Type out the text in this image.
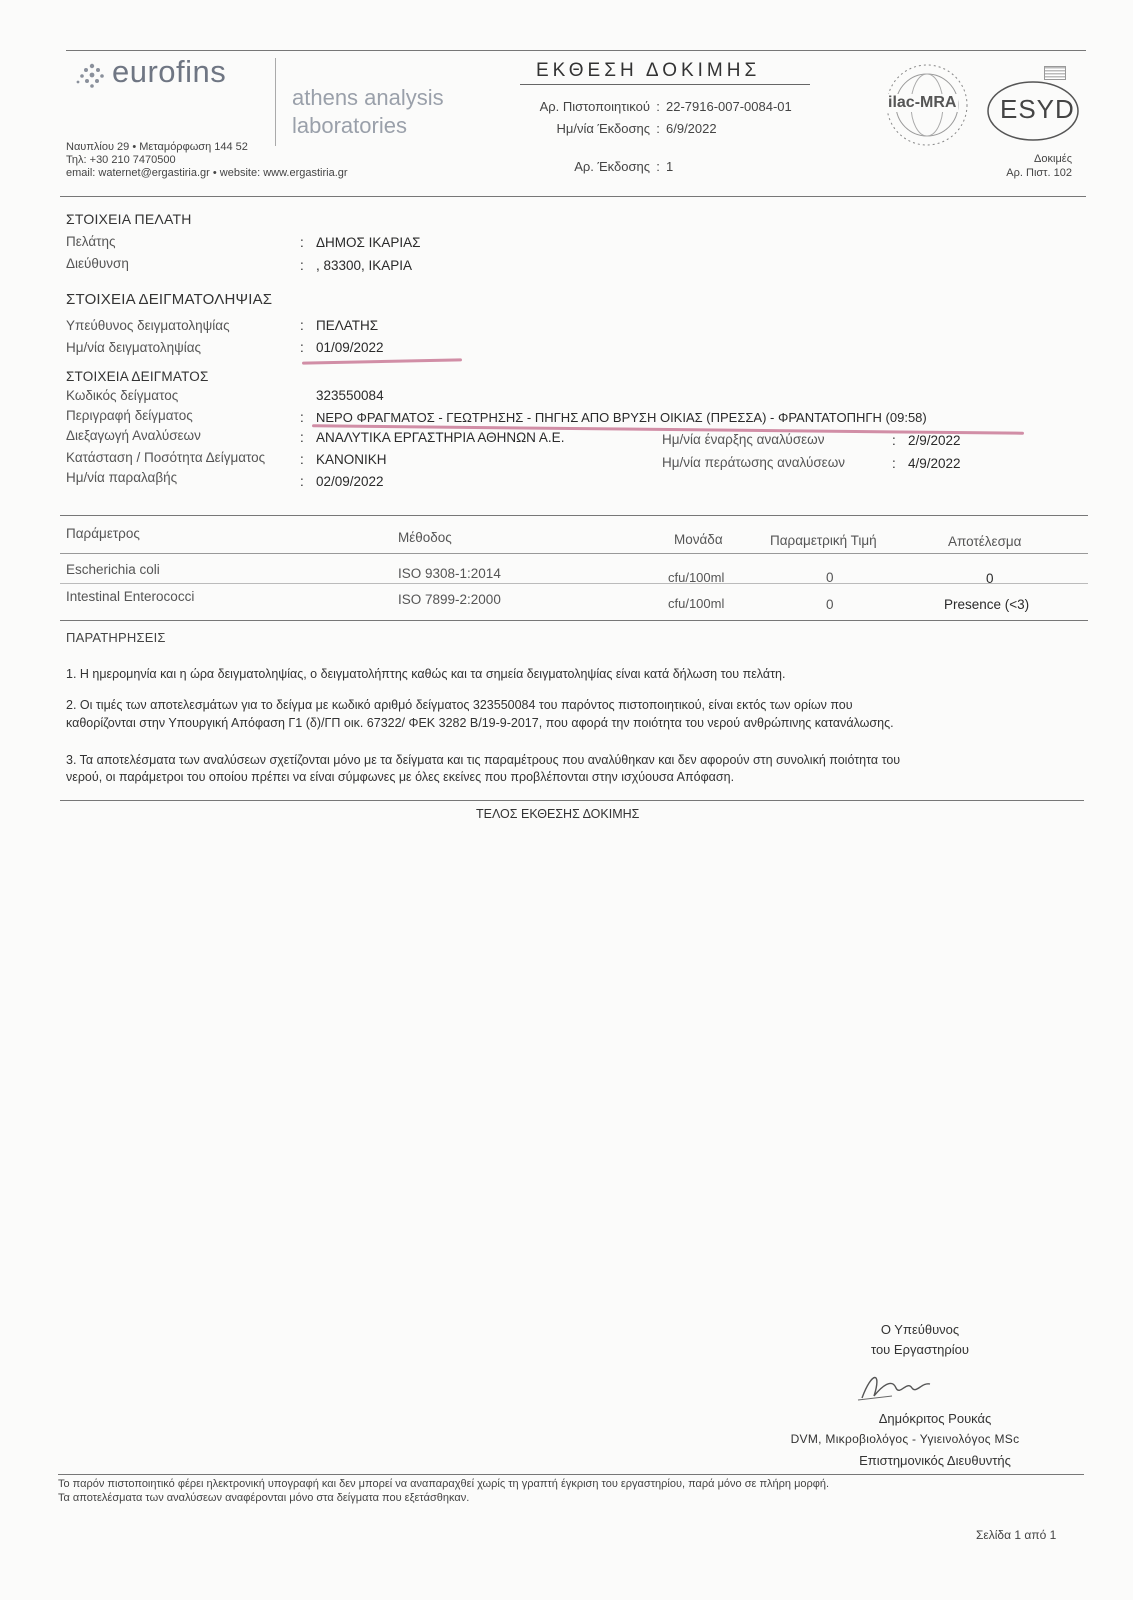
eurofins
athens analysis
laboratories
Ναυπλίου 29 • Μεταμόρφωση 144 52
Τηλ: +30 210 7470500
email: waternet@ergastiria.gr • website: www.ergastiria.gr
ΕΚΘΕΣΗ ΔΟΚΙΜΗΣ
Αρ. Πιστοποιητικού : 22-7916-007-0084-01
Ημ/νία Έκδοσης : 6/9/2022
Αρ. Έκδοσης : 1
ilac-MRA ESYD
Δοκιμές
Αρ. Πιστ. 102
ΣΤΟΙΧΕΙΑ ΠΕΛΑΤΗ
Πελάτης	: ΔΗΜΟΣ ΙΚΑΡΙΑΣ
Διεύθυνση	: , 83300, ΙΚΑΡΙΑ
ΣΤΟΙΧΕΙΑ ΔΕΙΓΜΑΤΟΛΗΨΙΑΣ
Υπεύθυνος δειγματοληψίας	: ΠΕΛΑΤΗΣ
Ημ/νία δειγματοληψίας	: 01/09/2022
ΣΤΟΙΧΕΙΑ ΔΕΙΓΜΑΤΟΣ
Κωδικός δείγματος	323550084
Περιγραφή δείγματος	: ΝΕΡΟ ΦΡΑΓΜΑΤΟΣ - ΓΕΩΤΡΗΣΗΣ - ΠΗΓΗΣ ΑΠΟ ΒΡΥΣΗ ΟΙΚΙΑΣ (ΠΡΕΣΣΑ) - ΦΡΑΝΤΑΤΟΠΗΓΗ (09:58)
Διεξαγωγή Αναλύσεων	: ΑΝΑΛΥΤΙΚΑ ΕΡΓΑΣΤΗΡΙΑ ΑΘΗΝΩΝ Α.Ε.	Ημ/νία έναρξης αναλύσεων	: 2/9/2022
Κατάσταση / Ποσότητα Δείγματος	: ΚΑΝΟΝΙΚΗ	Ημ/νία περάτωσης αναλύσεων	: 4/9/2022
Ημ/νία παραλαβής	: 02/09/2022
Παράμετρος	Μέθοδος	Μονάδα	Παραμετρική Τιμή	Αποτέλεσμα
Escherichia coli	ISO 9308-1:2014	cfu/100ml	0	0
Intestinal Enterococci	ISO 7899-2:2000	cfu/100ml	0	Presence (<3)
ΠΑΡΑΤΗΡΗΣΕΙΣ
1. Η ημερομηνία και η ώρα δειγματοληψίας, ο δειγματολήπτης καθώς και τα σημεία δειγματοληψίας είναι κατά δήλωση του πελάτη.
2. Οι τιμές των αποτελεσμάτων για το δείγμα με κωδικό αριθμό δείγματος 323550084 του παρόντος πιστοποιητικού, είναι εκτός των ορίων που
καθορίζονται στην Υπουργική Απόφαση Γ1 (δ)/ΓΠ οικ. 67322/ ΦΕΚ 3282 Β/19-9-2017, που αφορά την ποιότητα του νερού ανθρώπινης κατανάλωσης.
3. Τα αποτελέσματα των αναλύσεων σχετίζονται μόνο με τα δείγματα και τις παραμέτρους που αναλύθηκαν και δεν αφορούν στη συνολική ποιότητα του
νερού, οι παράμετροι του οποίου πρέπει να είναι σύμφωνες με όλες εκείνες που προβλέπονται στην ισχύουσα Απόφαση.
ΤΕΛΟΣ ΕΚΘΕΣΗΣ ΔΟΚΙΜΗΣ
Ο Υπεύθυνος
του Εργαστηρίου
Δημόκριτος Ρουκάς
DVM, Μικροβιολόγος - Υγιεινολόγος MSc
Επιστημονικός Διευθυντής
Το παρόν πιστοποιητικό φέρει ηλεκτρονική υπογραφή και δεν μπορεί να αναπαραχθεί χωρίς τη γραπτή έγκριση του εργαστηρίου, παρά μόνο σε πλήρη μορφή.
Τα αποτελέσματα των αναλύσεων αναφέρονται μόνο στα δείγματα που εξετάσθηκαν.
Σελίδα 1 από 1
